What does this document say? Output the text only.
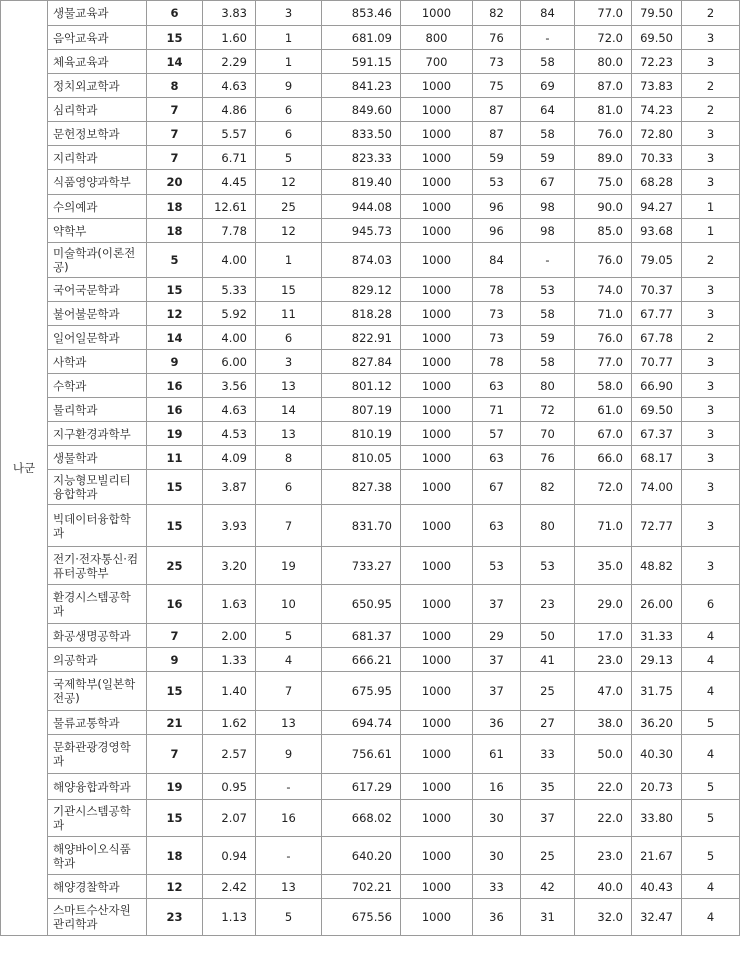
나군	생물교육과	6	3.83	3	853.46	1000	82	84	77.0	79.50	2
	음악교육과	15	1.60	1	681.09	800	76	-	72.0	69.50	3
	체육교육과	14	2.29	1	591.15	700	73	58	80.0	72.23	3
	정치외교학과	8	4.63	9	841.23	1000	75	69	87.0	73.83	2
	심리학과	7	4.86	6	849.60	1000	87	64	81.0	74.23	2
	문헌정보학과	7	5.57	6	833.50	1000	87	58	76.0	72.80	3
	지리학과	7	6.71	5	823.33	1000	59	59	89.0	70.33	3
	식품영양과학부	20	4.45	12	819.40	1000	53	67	75.0	68.28	3
	수의예과	18	12.61	25	944.08	1000	96	98	90.0	94.27	1
	약학부	18	7.78	12	945.73	1000	96	98	85.0	93.68	1
	미술학과(이론전공)	5	4.00	1	874.03	1000	84	-	76.0	79.05	2
	국어국문학과	15	5.33	15	829.12	1000	78	53	74.0	70.37	3
	불어불문학과	12	5.92	11	818.28	1000	73	58	71.0	67.77	3
	일어일문학과	14	4.00	6	822.91	1000	73	59	76.0	67.78	2
	사학과	9	6.00	3	827.84	1000	78	58	77.0	70.77	3
	수학과	16	3.56	13	801.12	1000	63	80	58.0	66.90	3
	물리학과	16	4.63	14	807.19	1000	71	72	61.0	69.50	3
	지구환경과학부	19	4.53	13	810.19	1000	57	70	67.0	67.37	3
	생물학과	11	4.09	8	810.05	1000	63	76	66.0	68.17	3
	지능형모빌리티융합학과	15	3.87	6	827.38	1000	67	82	72.0	74.00	3
	빅데이터융합학과	15	3.93	7	831.70	1000	63	80	71.0	72.77	3
	전기·전자통신·컴퓨터공학부	25	3.20	19	733.27	1000	53	53	35.0	48.82	3
	환경시스템공학과	16	1.63	10	650.95	1000	37	23	29.0	26.00	6
	화공생명공학과	7	2.00	5	681.37	1000	29	50	17.0	31.33	4
	의공학과	9	1.33	4	666.21	1000	37	41	23.0	29.13	4
	국제학부(일본학전공)	15	1.40	7	675.95	1000	37	25	47.0	31.75	4
	물류교통학과	21	1.62	13	694.74	1000	36	27	38.0	36.20	5
	문화관광경영학과	7	2.57	9	756.61	1000	61	33	50.0	40.30	4
	해양융합과학과	19	0.95	-	617.29	1000	16	35	22.0	20.73	5
	기관시스템공학과	15	2.07	16	668.02	1000	30	37	22.0	33.80	5
	해양바이오식품학과	18	0.94	-	640.20	1000	30	25	23.0	21.67	5
	해양경찰학과	12	2.42	13	702.21	1000	33	42	40.0	40.43	4
	스마트수산자원관리학과	23	1.13	5	675.56	1000	36	31	32.0	32.47	4
